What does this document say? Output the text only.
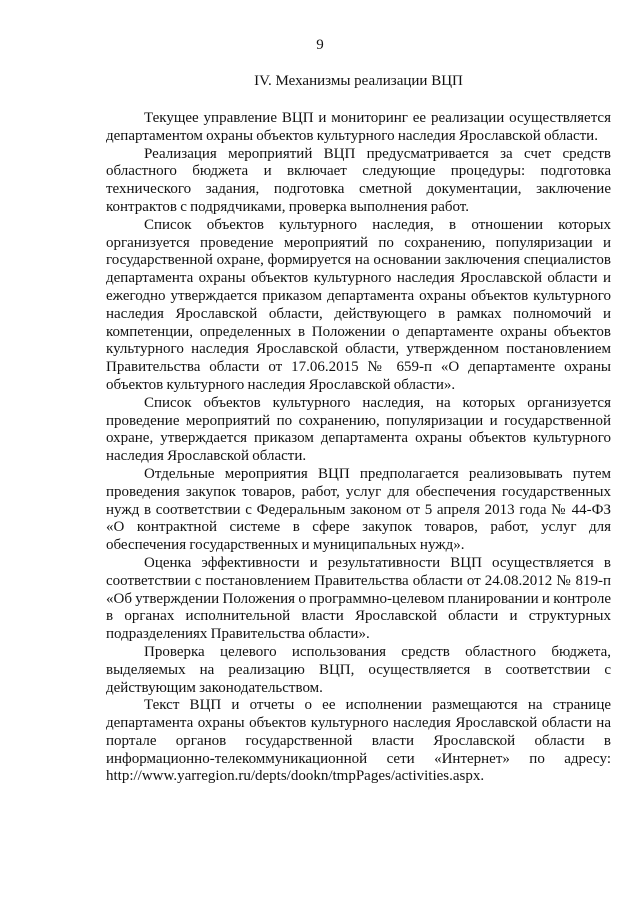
9
IV. Механизмы реализации ВЦП

Текущее управление ВЦП и мониторинг ее реализации осуществляется департаментом охраны объектов культурного наследия Ярославской области.

Реализация мероприятий ВЦП предусматривается за счет средств областного бюджета и включает следующие процедуры: подготовка технического задания, подготовка сметной документации, заключение контрактов с подрядчиками, проверка выполнения работ.

Список объектов культурного наследия, в отношении которых организуется проведение мероприятий по сохранению, популяризации и государственной охране, формируется на основании заключения специалистов департамента охраны объектов культурного наследия Ярославской области и ежегодно утверждается приказом департамента охраны объектов культурного наследия Ярославской области, действующего в рамках полномочий и компетенции, определенных в Положении о департаменте охраны объектов культурного наследия Ярославской области, утвержденном постановлением Правительства области от 17.06.2015 № 659-п «О департаменте охраны объектов культурного наследия Ярославской области».

Список объектов культурного наследия, на которых организуется проведение мероприятий по сохранению, популяризации и государственной охране, утверждается приказом департамента охраны объектов культурного наследия Ярославской области.

Отдельные мероприятия ВЦП предполагается реализовывать путем проведения закупок товаров, работ, услуг для обеспечения государственных нужд в соответствии с Федеральным законом от 5 апреля 2013 года № 44-ФЗ «О контрактной системе в сфере закупок товаров, работ, услуг для обеспечения государственных и муниципальных нужд».

Оценка эффективности и результативности ВЦП осуществляется в соответствии с постановлением Правительства области от 24.08.2012 № 819-п «Об утверждении Положения о программно-целевом планировании и контроле в органах исполнительной власти Ярославской области и структурных подразделениях Правительства области».

Проверка целевого использования средств областного бюджета, выделяемых на реализацию ВЦП, осуществляется в соответствии с действующим законодательством.

Текст ВЦП и отчеты о ее исполнении размещаются на странице департамента охраны объектов культурного наследия Ярославской области на портале органов государственной власти Ярославской области в информационно-телекоммуникационной сети «Интернет» по адресу: http://www.yarregion.ru/depts/dookn/tmpPages/activities.aspx.
